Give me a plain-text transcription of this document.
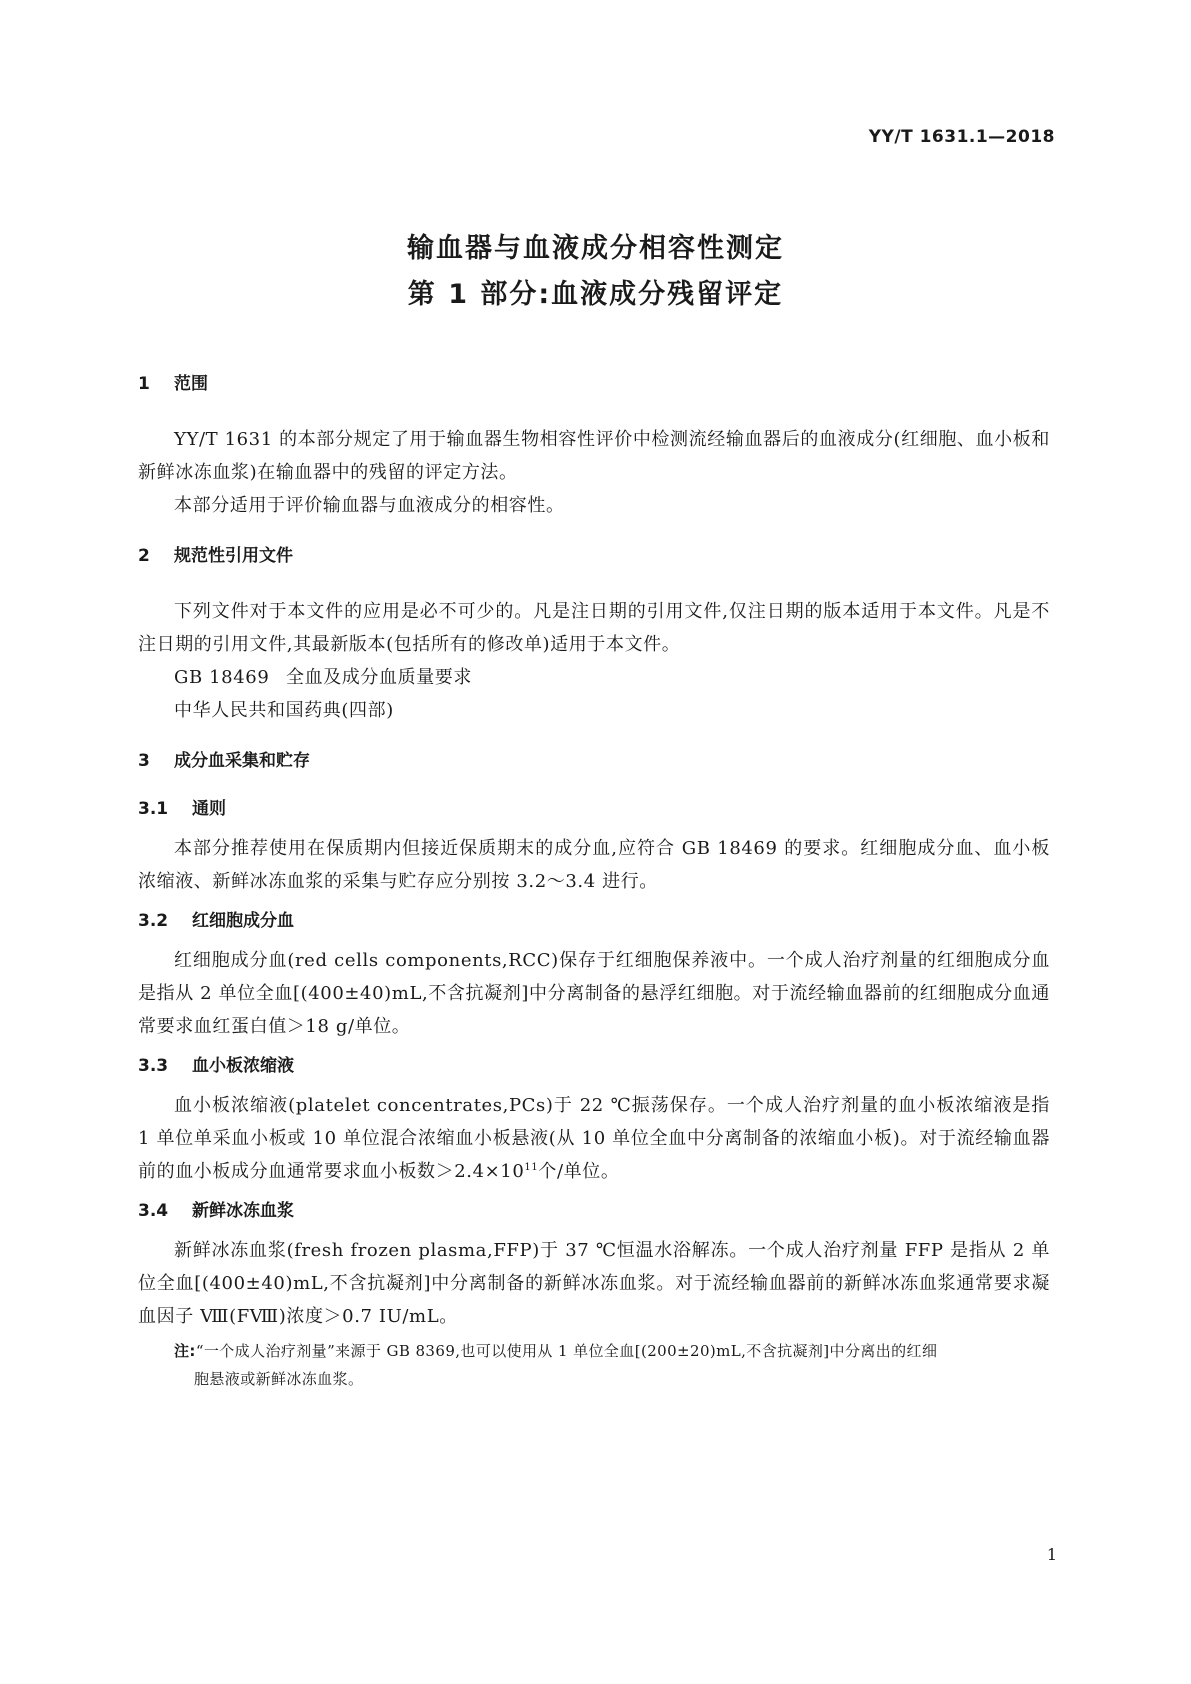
YY/T 1631.1—2018
输血器与血液成分相容性测定
第 1 部分:血液成分残留评定
1 范围

YY/T 1631 的本部分规定了用于输血器生物相容性评价中检测流经输血器后的血液成分(红细胞、血小板和新鲜冰冻血浆)在输血器中的残留的评定方法。

本部分适用于评价输血器与血液成分的相容性。

2 规范性引用文件

下列文件对于本文件的应用是必不可少的。凡是注日期的引用文件,仅注日期的版本适用于本文件。凡是不注日期的引用文件,其最新版本(包括所有的修改单)适用于本文件。

GB 18469 全血及成分血质量要求
中华人民共和国药典(四部)
3 成分血采集和贮存
3.1 通则

本部分推荐使用在保质期内但接近保质期末的成分血,应符合 GB 18469 的要求。红细胞成分血、血小板浓缩液、新鲜冰冻血浆的采集与贮存应分别按 3.2～3.4 进行。

3.2 红细胞成分血

红细胞成分血(red cells components,RCC)保存于红细胞保养液中。一个成人治疗剂量的红细胞成分血是指从 2 单位全血[(400±40)mL,不含抗凝剂]中分离制备的悬浮红细胞。对于流经输血器前的红细胞成分血通常要求血红蛋白值＞18 g/单位。

3.3 血小板浓缩液

血小板浓缩液(platelet concentrates,PCs)于 22 ℃振荡保存。一个成人治疗剂量的血小板浓缩液是指 1 单位单采血小板或 10 单位混合浓缩血小板悬液(从 10 单位全血中分离制备的浓缩血小板)。对于流经输血器前的血小板成分血通常要求血小板数$>2.4\times 10^{11}$个/单位。

3.4 新鲜冰冻血浆

新鲜冰冻血浆(fresh frozen plasma,FFP)于 37 ℃恒温水浴解冻。一个成人治疗剂量 FFP 是指从 2 单位全血[(400±40)mL,不含抗凝剂]中分离制备的新鲜冰冻血浆。对于流经输血器前的新鲜冰冻血浆通常要求凝血因子 Ⅷ(FⅧ)浓度＞0.7 IU/mL。

注:“一个成人治疗剂量”来源于 GB 8369,也可以使用从 1 单位全血[(200±20)mL,不含抗凝剂]中分离出的红细
胞悬液或新鲜冰冻血浆。
1
